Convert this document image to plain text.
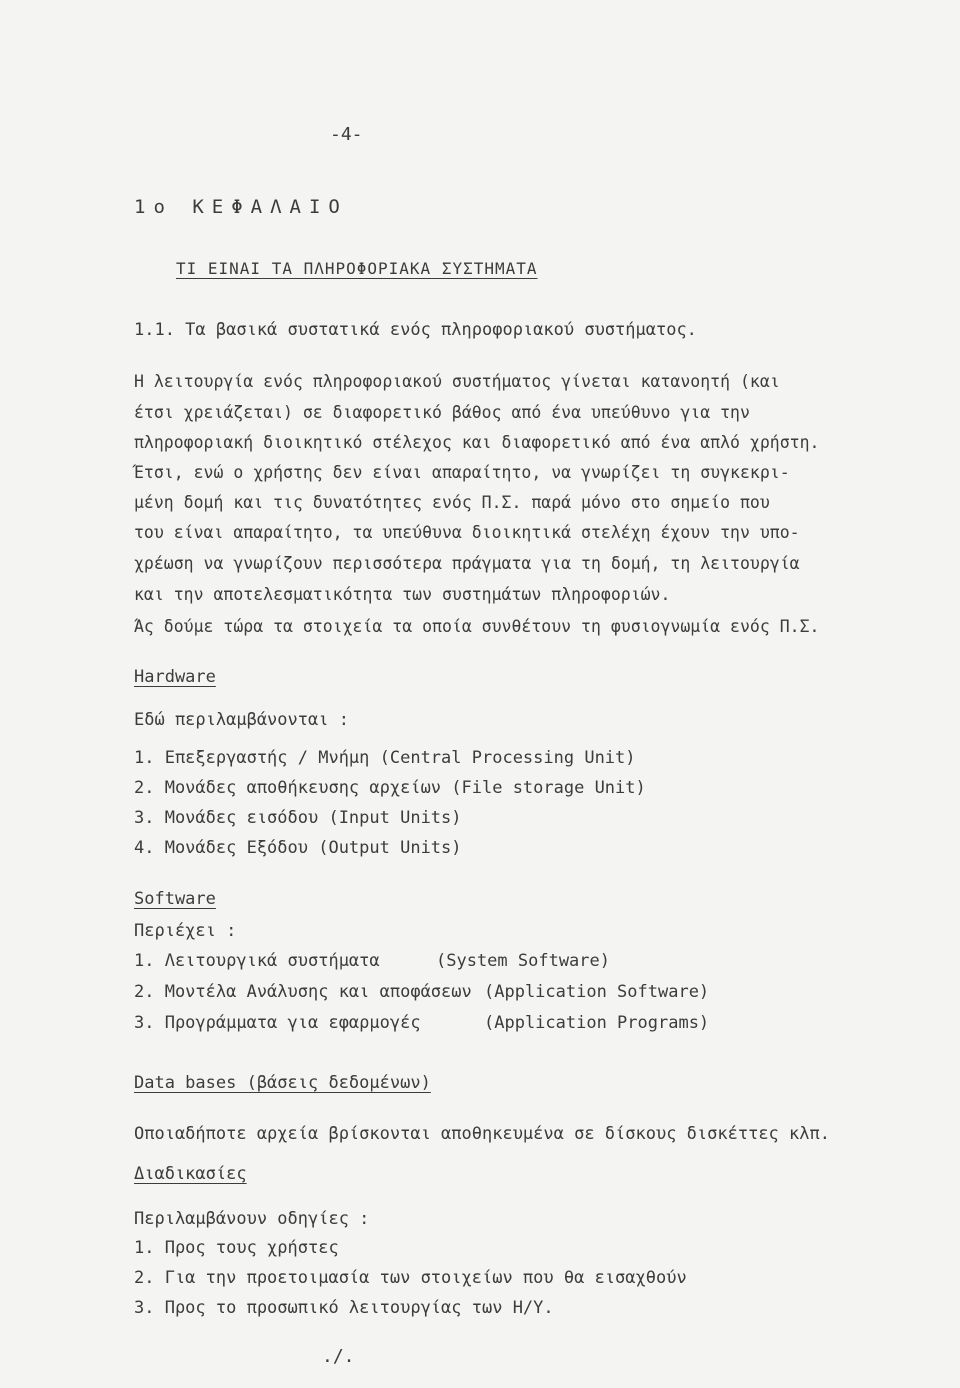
-4-
1ο ΚΕΦΑΛΑΙΟ
ΤΙ ΕΙΝΑΙ ΤΑ ΠΛΗΡΟΦΟΡΙΑΚΑ ΣΥΣΤΗΜΑΤΑ
1.1. Τα βασικά συστατικά ενός πληροφοριακού συστήματος.
Η λειτουργία ενός πληροφοριακού συστήματος γίνεται κατανοητή (και
έτσι χρειάζεται) σε διαφορετικό βάθος από ένα υπεύθυνο για την
πληροφοριακή διοικητικό στέλεχος και διαφορετικό από ένα απλό χρήστη.
Έτσι, ενώ ο χρήστης δεν είναι απαραίτητο, να γνωρίζει τη συγκεκρι-
μένη δομή και τις δυνατότητες ενός Π.Σ. παρά μόνο στο σημείο που
του είναι απαραίτητο, τα υπεύθυνα διοικητικά στελέχη έχουν την υπο-
χρέωση να γνωρίζουν περισσότερα πράγματα για τη δομή, τη λειτουργία
και την αποτελεσματικότητα των συστημάτων πληροφοριών.
Άς δούμε τώρα τα στοιχεία τα οποία συνθέτουν τη φυσιογνωμία ενός Π.Σ.
Hardware
Εδώ περιλαμβάνονται :
1. Επεξεργαστής / Μνήμη (Central Processing Unit)
2. Μονάδες αποθήκευσης αρχείων (File storage Unit)
3. Μονάδες εισόδου (Input Units)
4. Μονάδες Εξόδου (Output Units)
Software
Περιέχει :
1. Λειτουργικά συστήματα	(System Software)
2. Μοντέλα Ανάλυσης και αποφάσεων (Application Software)
3. Προγράμματα για εφαρμογές	(Application Programs)
Data bases (βάσεις δεδομένων)
Οποιαδήποτε αρχεία βρίσκονται αποθηκευμένα σε δίσκους δισκέττες κλπ.
Διαδικασίες
Περιλαμβάνουν οδηγίες :
1. Προς τους χρήστες
2. Για την προετοιμασία των στοιχείων που θα εισαχθούν
3. Προς το προσωπικό λειτουργίας των Η/Υ.
./.
